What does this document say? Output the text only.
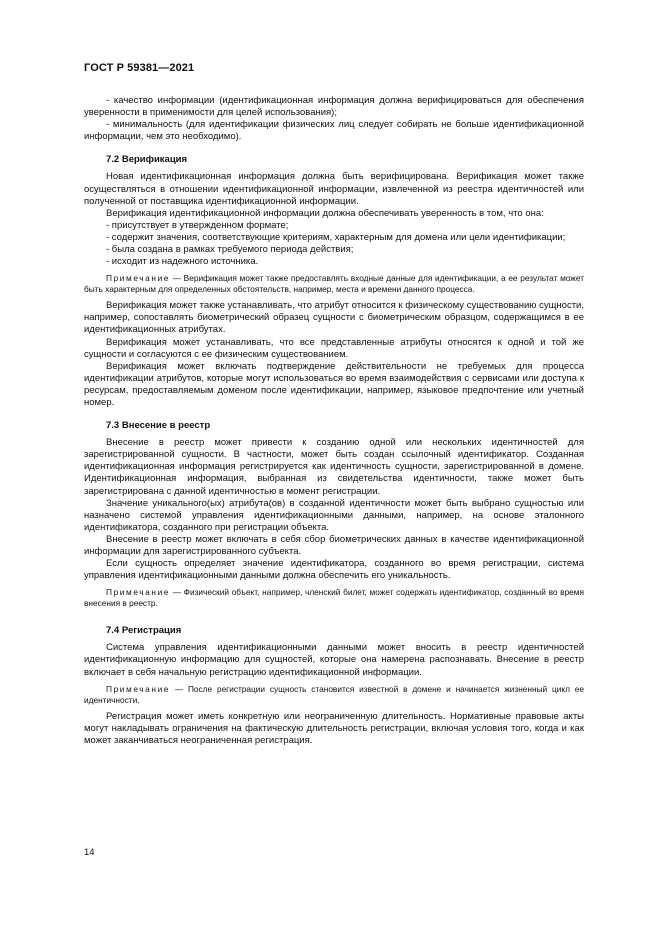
ГОСТ Р 59381—2021

- качество информации (идентификационная информация должна верифицироваться для обеспечения уверенности в применимости для целей использования);

- минимальность (для идентификации физических лиц следует собирать не больше идентификационной информации, чем это необходимо).

7.2 Верификация

Новая идентификационная информация должна быть верифицирована. Верификация может также осуществляться в отношении идентификационной информации, извлеченной из реестра идентичностей или полученной от поставщика идентификационной информации.

Верификация идентификационной информации должна обеспечивать уверенность в том, что она:

- присутствует в утвержденном формате;

- содержит значения, соответствующие критериям, характерным для домена или цели идентификации;

- была создана в рамках требуемого периода действия;

- исходит из надежного источника.

Примечание — Верификация может также предоставлять входные данные для идентификации, а ее результат может быть характерным для определенных обстоятельств, например, места и времени данного процесса.

Верификация может также устанавливать, что атрибут относится к физическому существованию сущности, например, сопоставлять биометрический образец сущности с биометрическим образцом, содержащимся в ее идентификационных атрибутах.

Верификация может устанавливать, что все представленные атрибуты относятся к одной и той же сущности и согласуются с ее физическим существованием.

Верификация может включать подтверждение действительности не требуемых для процесса идентификации атрибутов, которые могут использоваться во время взаимодействия с сервисами или доступа к ресурсам, предоставляемым доменом после идентификации, например, языковое предпочтение или учетный номер.

7.3 Внесение в реестр

Внесение в реестр может привести к созданию одной или нескольких идентичностей для зарегистрированной сущности. В частности, может быть создан ссылочный идентификатор. Созданная идентификационная информация регистрируется как идентичность сущности, зарегистрированной в домене. Идентификационная информация, выбранная из свидетельства идентичности, также может быть зарегистрирована с данной идентичностью в момент регистрации.

Значение уникального(ых) атрибута(ов) в созданной идентичности может быть выбрано сущностью или назначено системой управления идентификационными данными, например, на основе эталонного идентификатора, созданного при регистрации объекта.

Внесение в реестр может включать в себя сбор биометрических данных в качестве идентификационной информации для зарегистрированного субъекта.

Если сущность определяет значение идентификатора, созданного во время регистрации, система управления идентификационными данными должна обеспечить его уникальность.

Примечание — Физический объект, например, членский билет, может содержать идентификатор, созданный во время внесения в реестр.

7.4 Регистрация

Система управления идентификационными данными может вносить в реестр идентичностей идентификационную информацию для сущностей, которые она намерена распознавать. Внесение в реестр включает в себя начальную регистрацию идентификационной информации.

Примечание — После регистрации сущность становится известной в домене и начинается жизненный цикл ее идентичности.

Регистрация может иметь конкретную или неограниченную длительность. Нормативные правовые акты могут накладывать ограничения на фактическую длительность регистрации, включая условия того, когда и как может заканчиваться неограниченная регистрация.

14
